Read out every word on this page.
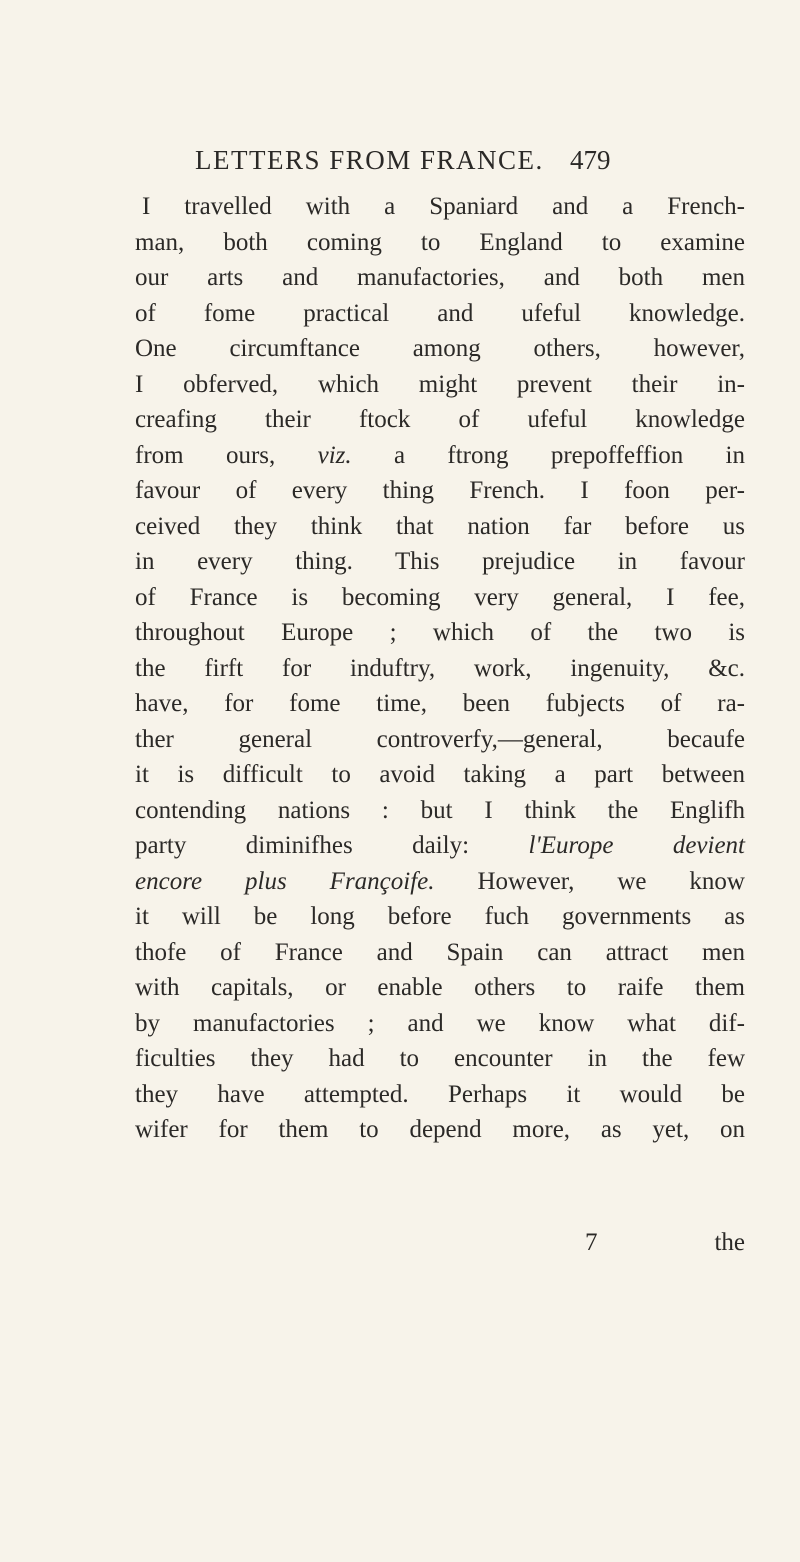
LETTERS FROM FRANCE. 479
I travelled with a Spaniard and a French-
man, both coming to England to examine
our arts and manufactories, and both men
of fome practical and ufeful knowledge.
One circumftance among others, however,
I obferved, which might prevent their in-
creafing their ftock of ufeful knowledge
from ours, viz. a ftrong prepoffeffion in
favour of every thing French. I foon per-
ceived they think that nation far before us
in every thing. This prejudice in favour
of France is becoming very general, I fee,
throughout Europe ; which of the two is
the firft for induftry, work, ingenuity, &c.
have, for fome time, been fubjects of ra-
ther general controverfy,—general, becaufe
it is difficult to avoid taking a part between
contending nations : but I think the Englifh
party diminifhes daily: l'Europe devient
encore plus Françoife. However, we know
it will be long before fuch governments as
thofe of France and Spain can attract men
with capitals, or enable others to raife them
by manufactories ; and we know what dif-
ficulties they had to encounter in the few
they have attempted. Perhaps it would be
wifer for them to depend more, as yet, on
7	the
